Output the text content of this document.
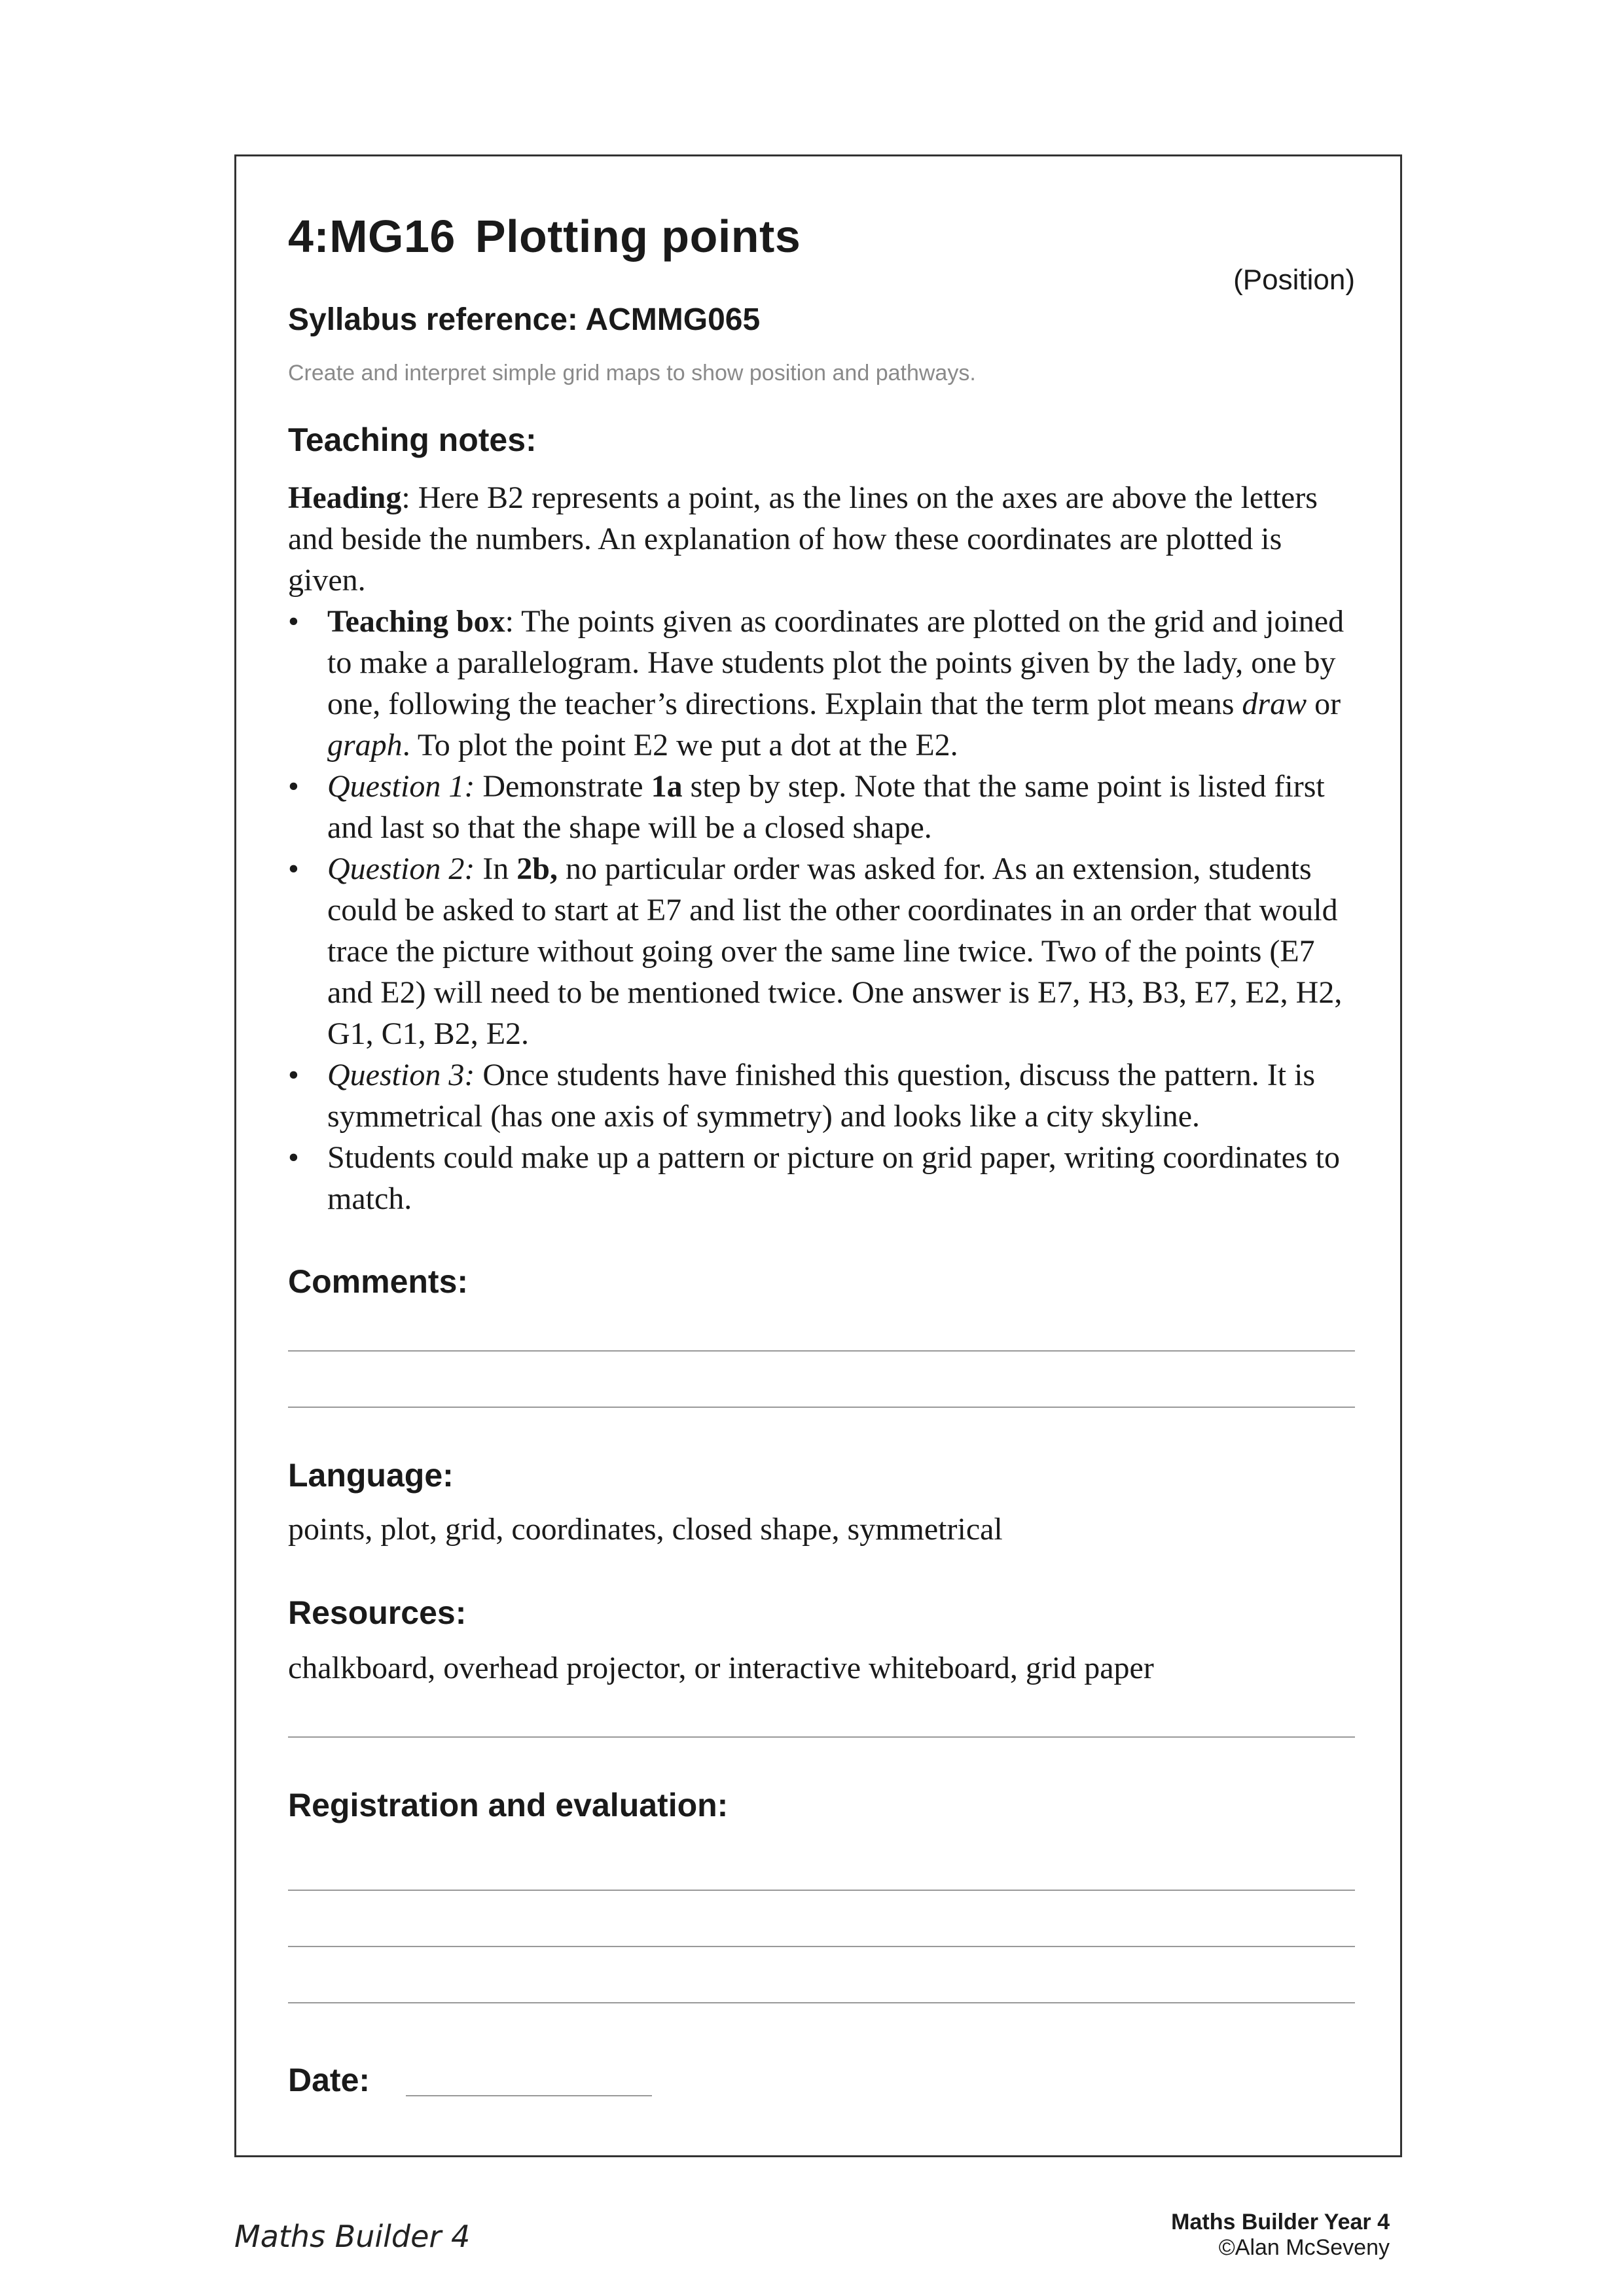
4:MG16 Plotting points
(Position)
Syllabus reference: ACMMG065
Create and interpret simple grid maps to show position and pathways.
Teaching notes:

Heading: Here B2 represents a point, as the lines on the axes are above the letters and beside the numbers. An explanation of how these coordinates are plotted is given.

• Teaching box: The points given as coordinates are plotted on the grid and joined to make a parallelogram. Have students plot the points given by the lady, one by one, following the teacher’s directions. Explain that the term plot means draw or graph. To plot the point E2 we put a dot at the E2.
• Question 1: Demonstrate 1a step by step. Note that the same point is listed first and last so that the shape will be a closed shape.
• Question 2: In 2b, no particular order was asked for. As an extension, students could be asked to start at E7 and list the other coordinates in an order that would trace the picture without going over the same line twice. Two of the points (E7 and E2) will need to be mentioned twice. One answer is E7, H3, B3, E7, E2, H2, G1, C1, B2, E2.
• Question 3: Once students have finished this question, discuss the pattern. It is symmetrical (has one axis of symmetry) and looks like a city skyline.
• Students could make up a pattern or picture on grid paper, writing coordinates to match.
Comments:
Language:
points, plot, grid, coordinates, closed shape, symmetrical
Resources:
chalkboard, overhead projector, or interactive whiteboard, grid paper
Registration and evaluation:
Date:
Maths Builder 4	Maths Builder Year 4
©Alan McSeveny
